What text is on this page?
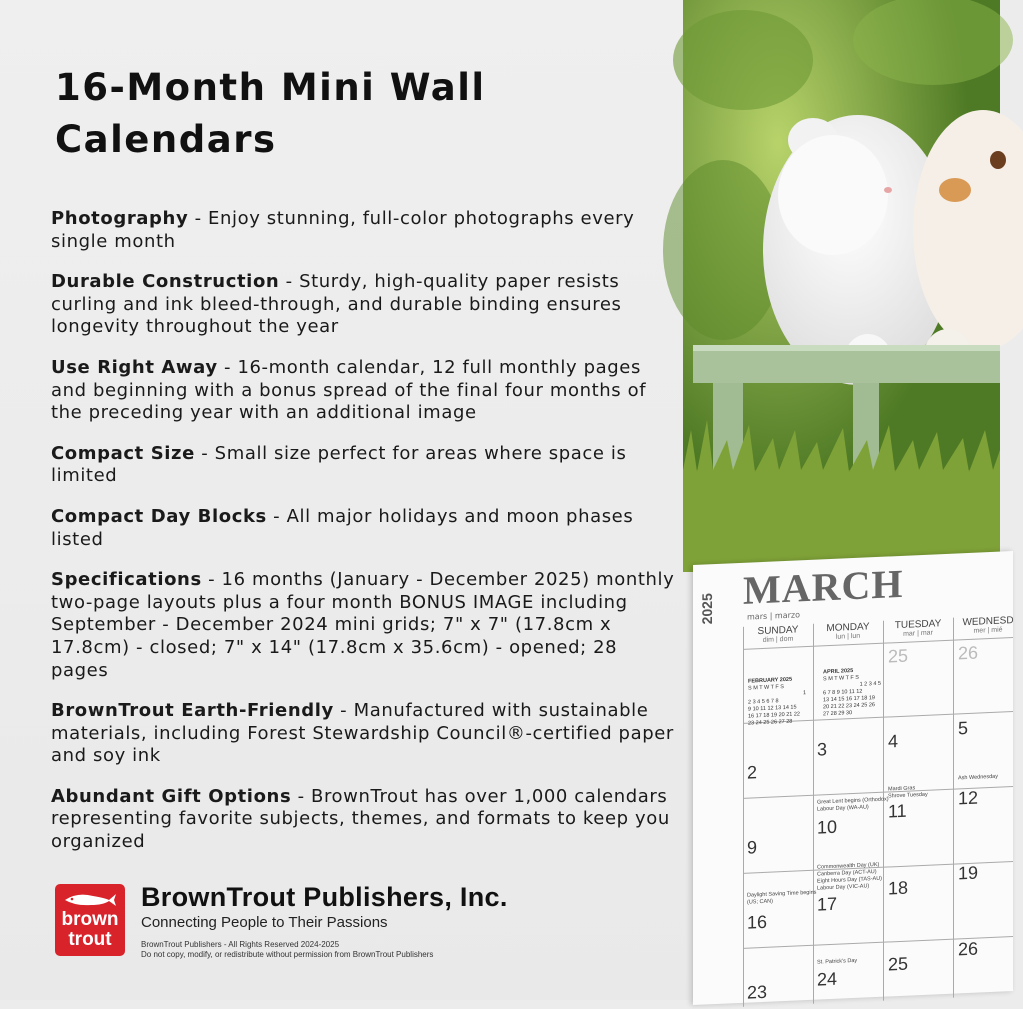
16-Month Mini Wall Calendars

Photography - Enjoy stunning, full-color photographs every single month

Durable Construction - Sturdy, high-quality paper resists curling and ink bleed-through, and durable binding ensures longevity throughout the year

Use Right Away - 16-month calendar, 12 full monthly pages and beginning with a bonus spread of the final four months of the preceding year with an additional image

Compact Size - Small size perfect for areas where space is limited

Compact Day Blocks - All major holidays and moon phases listed

Specifications - 16 months (January - December 2025) monthly two-page layouts plus a four month BONUS IMAGE including September - December 2024 mini grids; 7" x 7" (17.8cm x 17.8cm) - closed; 7" x 14" (17.8cm x 35.6cm) - opened; 28 pages

BrownTrout Earth-Friendly - Manufactured with sustainable materials, including Forest Stewardship Council®-certified paper and soy ink

Abundant Gift Options - BrownTrout has over 1,000 calendars representing favorite subjects, themes, and formats to keep you organized

brown
trout
BrownTrout Publishers, Inc.
Connecting People to Their Passions
BrownTrout Publishers - All Rights Reserved 2024-2025
Do not copy, modify, or redistribute without permission from BrownTrout Publishers
2025 MARCH
mars | marzo
SUNDAY
dim | dom
MONDAY
lun | lun
TUESDAY
mar | mar
WEDNESD
mer | mié
FEBRUARY 2025
S M T W T F S
1
2 3 4 5 6 7 8
9 10 11 12 13 14 15
16 17 18 19 20 21 22
23 24 25 26 27 28
APRIL 2025
S M T W T F S
1 2 3 4 5
6 7 8 9 10 11 12
13 14 15 16 17 18 19
20 21 22 23 24 25 26
27 28 29 30
25	26
2
3	4
5
9
10
11
12
16
17
18
19
23
24
25
26
Great Lent begins (Orthodox)
Labour Day (WA-AU)
Mardi Gras
Shrove Tuesday
Ash Wednesday
Commonwealth Day (UK)
Canberra Day (ACT-AU)
Eight Hours Day (TAS-AU)
Labour Day (VIC-AU)
Daylight Saving Time begins
(US; CAN)
St. Patrick's Day
